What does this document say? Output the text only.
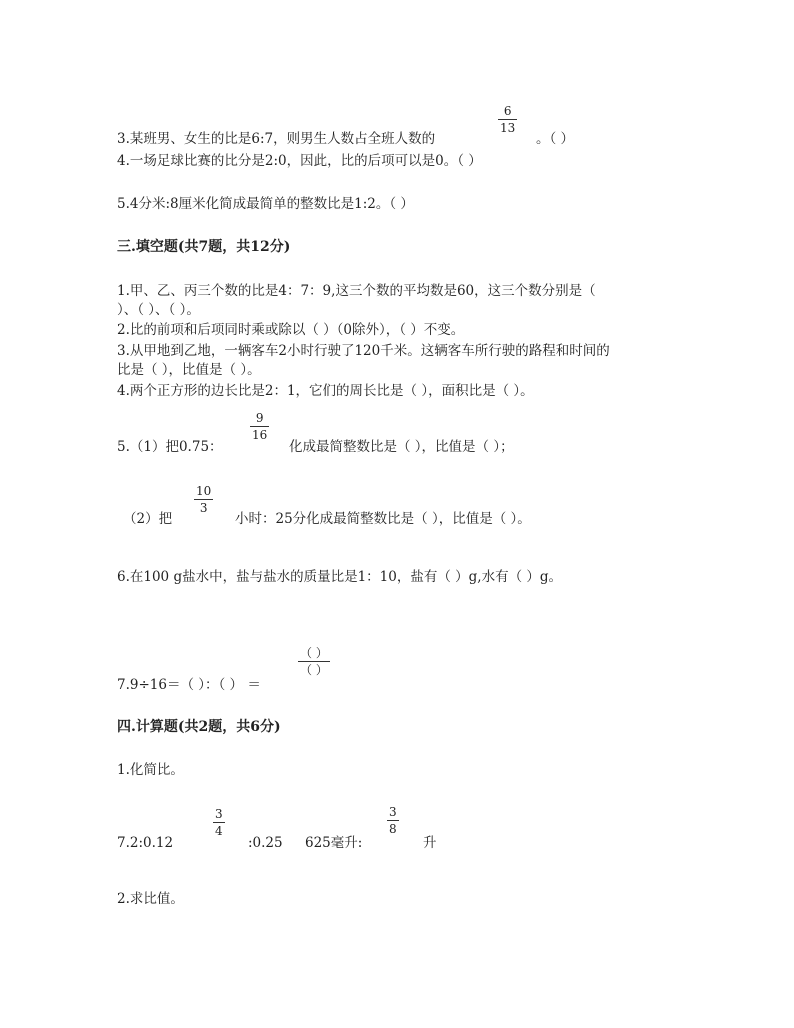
3.某班男、女生的比是6:7，则男生人数占全班人数的
6
13
。（ ）
4.一场足球比赛的比分是2:0，因此，比的后项可以是0。（ ）
5.4分米:8厘米化简成最简单的整数比是1:2。（ ）
三.填空题(共7题，共12分)
1.甲、乙、丙三个数的比是4：7：9,这三个数的平均数是60，这三个数分别是（
）、（ ）、（ ）。
2.比的前项和后项同时乘或除以（ ）（0除外），（ ）不变。
3.从甲地到乙地，一辆客车2小时行驶了120千米。这辆客车所行驶的路程和时间的
比是（ ），比值是（ ）。
4.两个正方形的边长比是2：1，它们的周长比是（ ），面积比是（ ）。
5.（1）把0.75：
9
16
化成最简整数比是（ ），比值是（ ）；
10
3
（2）把	小时：25分化成最简整数比是（ ），比值是（ ）。
6.在100 g盐水中，盐与盐水的质量比是1：10，盐有（ ）g,水有（ ）g。
（ ）
（ ）
7.9÷16＝（ ）：（ ） ＝
四.计算题(共2题，共6分)
1.化简比。
7.2:0.12
3
4
:0.25 625毫升:
3
8
升
2.求比值。
